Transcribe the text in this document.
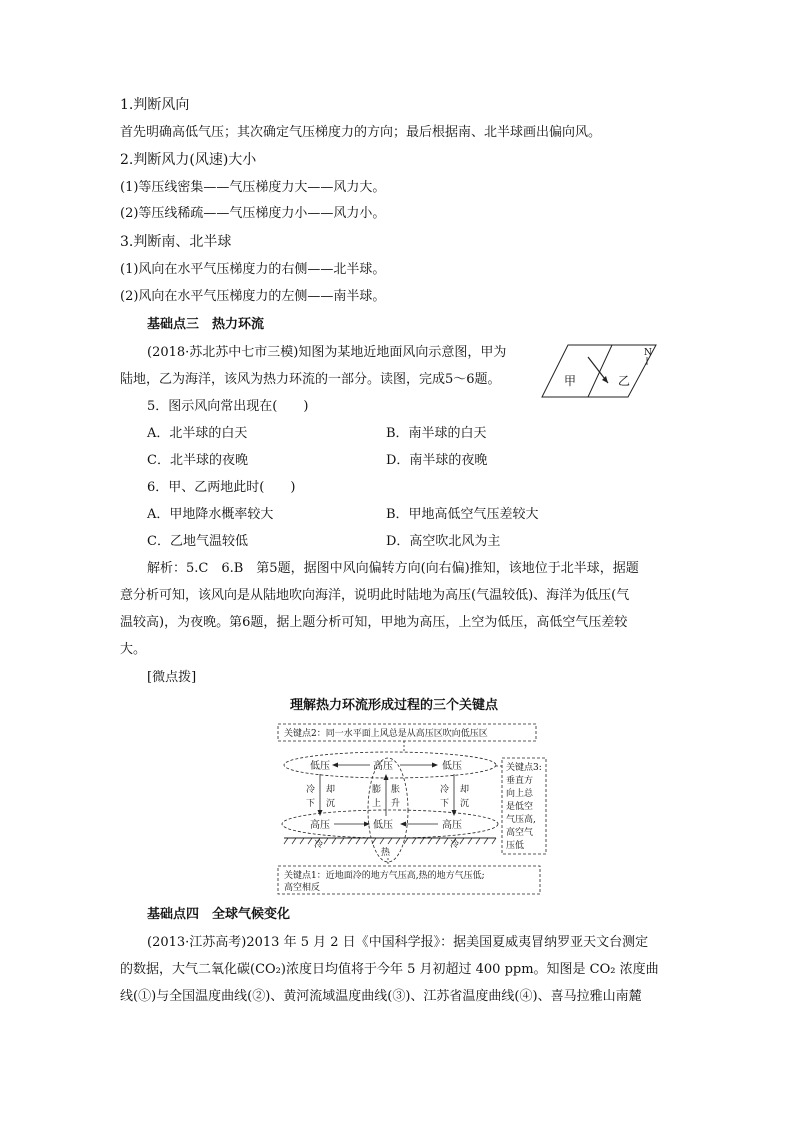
1.判断风向
首先明确高低气压；其次确定气压梯度力的方向；最后根据南、北半球画出偏向风。
2.判断风力(风速)大小
(1)等压线密集——气压梯度力大——风力大。
(2)等压线稀疏——气压梯度力小——风力小。
3.判断南、北半球
(1)风向在水平气压梯度力的右侧——北半球。
(2)风向在水平气压梯度力的左侧——南半球。
基础点三　热力环流
(2018·苏北苏中七市三模)知图为某地近地面风向示意图，甲为
陆地，乙为海洋，该风为热力环流的一部分。读图，完成5～6题。	甲	乙
N
5．图示风向常出现在(　　)
A．北半球的白天	B．南半球的白天
C．北半球的夜晚	D．南半球的夜晚
6．甲、乙两地此时(　　)
A．甲地降水概率较大	B．甲地高低空气压差较大
C．乙地气温较低	D．高空吹北风为主
解析：5.C　6.B　第5题，据图中风向偏转方向(向右偏)推知，该地位于北半球，据题
意分析可知，该风向是从陆地吹向海洋，说明此时陆地为高压(气温较低)、海洋为低压(气
温较高)，为夜晚。第6题，据上题分析可知，甲地为高压，上空为低压，高低空气压差较
大。
[微点拨]
理解热力环流形成过程的三个关键点
关键点2：同一水平面上风总是从高压区吹向低压区
低压	高压	低压
高压	低压	高压
冷
下
却
沉
膨
上
胀
升
冷
下
却
沉
冷
热
冷
关键点3:
垂直方
向上总
是低空
气压高,
高空气
压低
关键点1：近地面冷的地方气压高,热的地方气压低;
高空相反
基础点四　全球气候变化
(2013·江苏高考)2013 年 5 月 2 日《中国科学报》：据美国夏威夷冒纳罗亚天文台测定
的数据，大气二氧化碳(CO₂)浓度日均值将于今年 5 月初超过 400 ppm。知图是 CO₂ 浓度曲
线(①)与全国温度曲线(②)、黄河流域温度曲线(③)、江苏省温度曲线(④)、喜马拉雅山南麓
